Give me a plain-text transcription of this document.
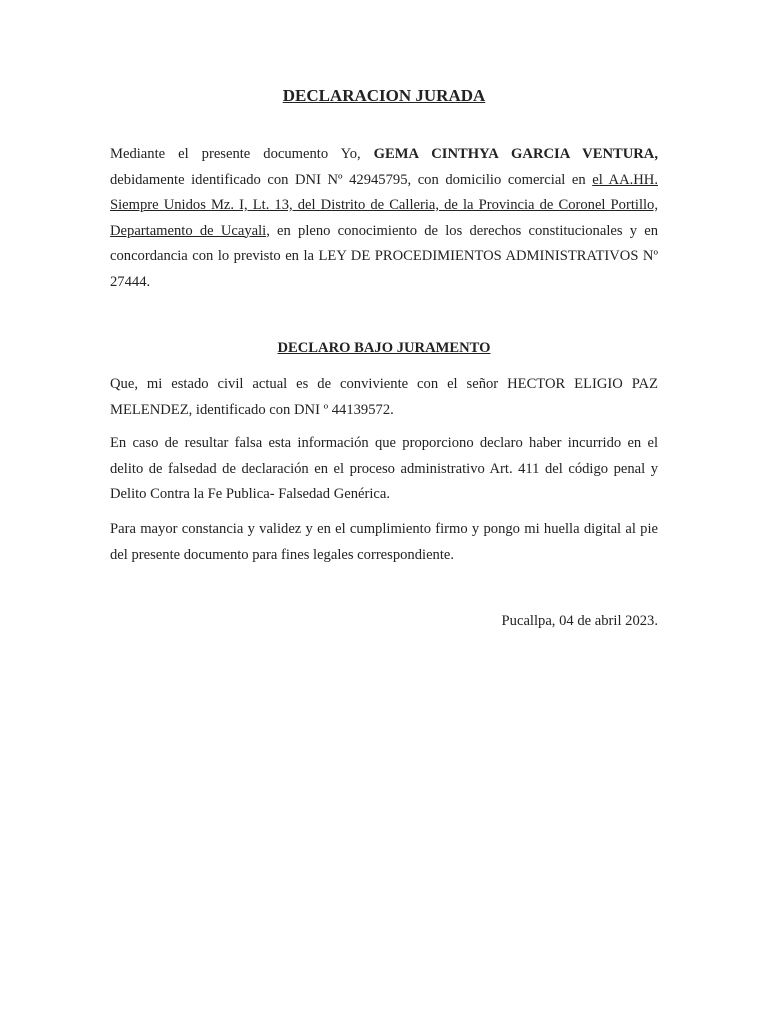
DECLARACION JURADA

Mediante el presente documento Yo, GEMA CINTHYA GARCIA VENTURA, debidamente identificado con DNI Nº 42945795, con domicilio comercial en el AA.HH. Siempre Unidos Mz. I, Lt. 13, del Distrito de Calleria, de la Provincia de Coronel Portillo, Departamento de Ucayali, en pleno conocimiento de los derechos constitucionales y en concordancia con lo previsto en la LEY DE PROCEDIMIENTOS ADMINISTRATIVOS Nº 27444.

DECLARO BAJO JURAMENTO

Que, mi estado civil actual es de conviviente con el señor HECTOR ELIGIO PAZ MELENDEZ, identificado con DNI º 44139572.

En caso de resultar falsa esta información que proporciono declaro haber incurrido en el delito de falsedad de declaración en el proceso administrativo Art. 411 del código penal y Delito Contra la Fe Publica- Falsedad Genérica.

Para mayor constancia y validez y en el cumplimiento firmo y pongo mi huella digital al pie del presente documento para fines legales correspondiente.

Pucallpa, 04 de abril 2023.
